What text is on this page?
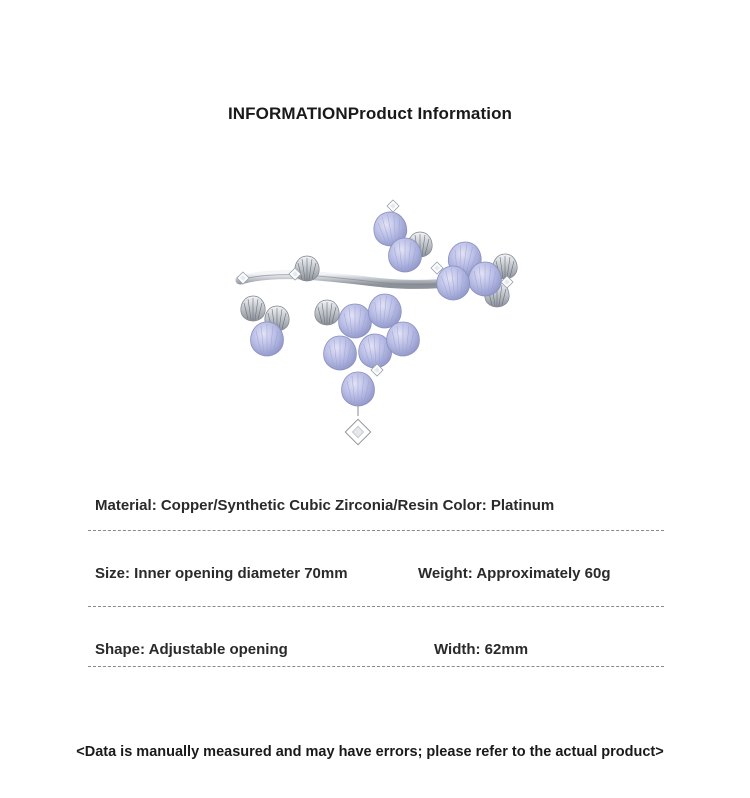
INFORMATIONProduct Information
Material: Copper/Synthetic Cubic Zirconia/Resin Color: Platinum
Size: Inner opening diameter 70mm	Weight: Approximately 60g
Shape: Adjustable opening	Width: 62mm
<Data is manually measured and may have errors; please refer to the actual product>
